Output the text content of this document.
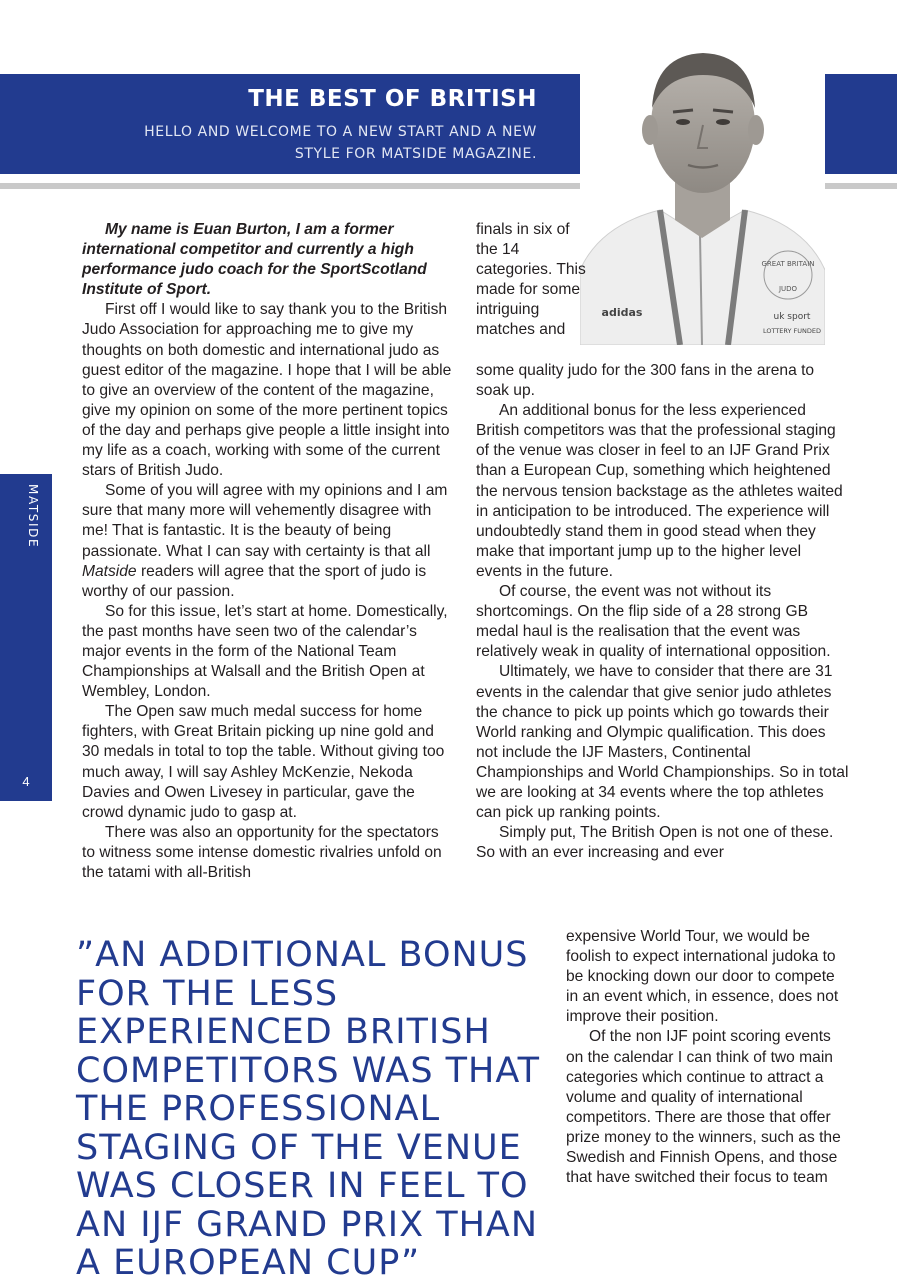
THE BEST OF BRITISH
HELLO AND WELCOME TO A NEW START AND A NEW STYLE FOR MATSIDE MAGAZINE.
GREAT BRITAIN
JUDO
adidas	uk sport
LOTTERY FUNDED
MATSIDE
4

My name is Euan Burton, I am a former international competitor and currently a high performance judo coach for the SportScotland Institute of Sport.

First off I would like to say thank you to the British Judo Association for approaching me to give my thoughts on both domestic and international judo as guest editor of the magazine. I hope that I will be able to give an overview of the content of the magazine, give my opinion on some of the more pertinent topics of the day and perhaps give people a little insight into my life as a coach, working with some of the current stars of British Judo.

Some of you will agree with my opinions and I am sure that many more will vehemently disagree with me! That is fantastic. It is the beauty of being passionate. What I can say with certainty is that all Matside readers will agree that the sport of judo is worthy of our passion.

So for this issue, let’s start at home. Domestically, the past months have seen two of the calendar’s major events in the form of the National Team Championships at Walsall and the British Open at Wembley, London.

The Open saw much medal success for home fighters, with Great Britain picking up nine gold and 30 medals in total to top the table. Without giving too much away, I will say Ashley McKenzie, Nekoda Davies and Owen Livesey in particular, gave the crowd dynamic judo to gasp at.

There was also an opportunity for the spectators to witness some intense domestic rivalries unfold on the tatami with all-British

finals in six of the 14 categories. This made for some intriguing matches and

some quality judo for the 300 fans in the arena to soak up.

An additional bonus for the less experienced British competitors was that the professional staging of the venue was closer in feel to an IJF Grand Prix than a European Cup, something which heightened the nervous tension backstage as the athletes waited in anticipation to be introduced. The experience will undoubtedly stand them in good stead when they make that important jump up to the higher level events in the future.

Of course, the event was not without its shortcomings. On the flip side of a 28 strong GB medal haul is the realisation that the event was relatively weak in quality of international opposition.

Ultimately, we have to consider that there are 31 events in the calendar that give senior judo athletes the chance to pick up points which go towards their World ranking and Olympic qualification. This does not include the IJF Masters, Continental Championships and World Championships. So in total we are looking at 34 events where the top athletes can pick up ranking points.

Simply put, The British Open is not one of these. So with an ever increasing and ever

expensive World Tour, we would be foolish to expect international judoka to be knocking down our door to compete in an event which, in essence, does not improve their position.

Of the non IJF point scoring events on the calendar I can think of two main categories which continue to attract a volume and quality of international competitors. There are those that offer prize money to the winners, such as the Swedish and Finnish Opens, and those that have switched their focus to team

”AN ADDITIONAL BONUS FOR THE LESS EXPERIENCED BRITISH COMPETITORS WAS THAT THE PROFESSIONAL STAGING OF THE VENUE WAS CLOSER IN FEEL TO AN IJF GRAND PRIX THAN A EUROPEAN CUP”
